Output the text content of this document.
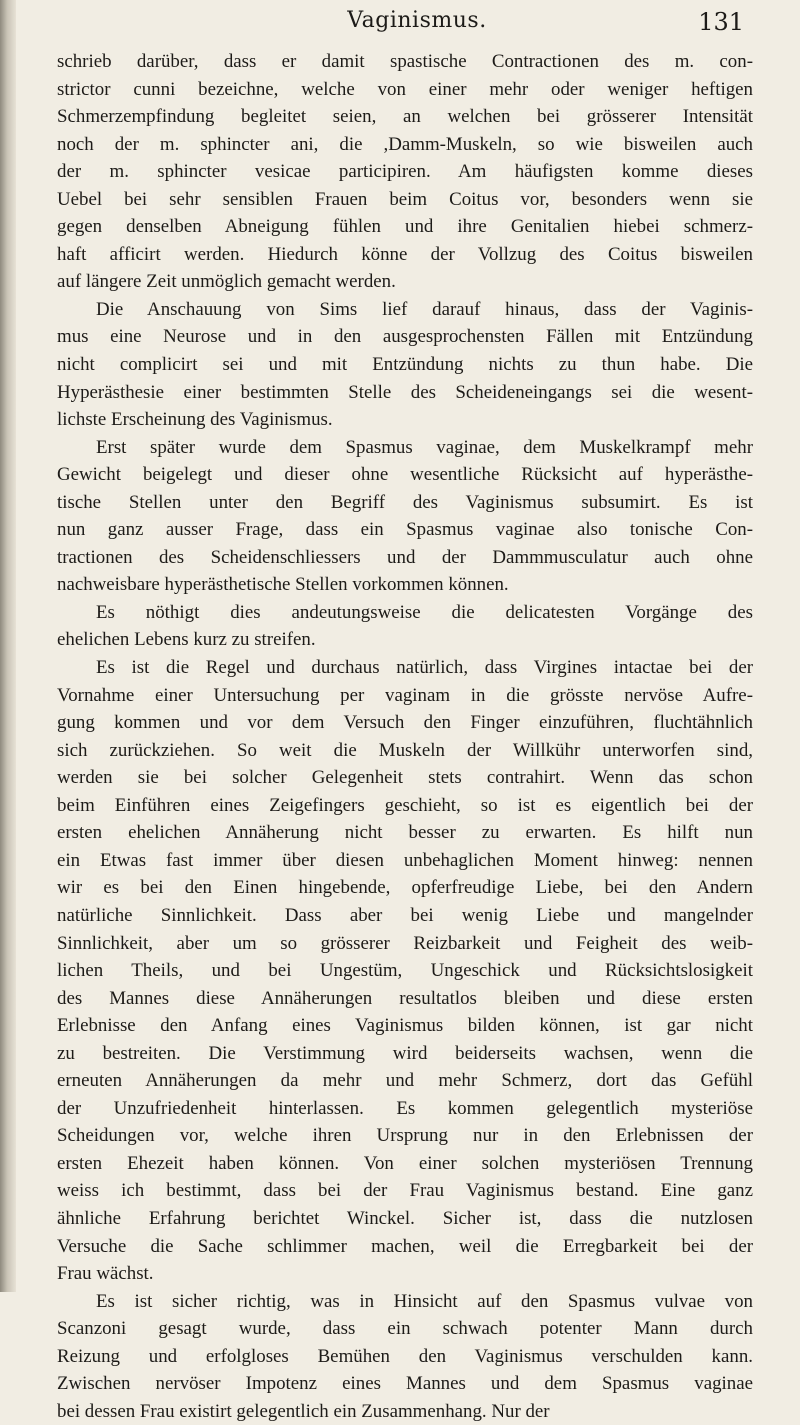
Vaginismus.	131
schrieb darüber, dass er damit spastische Contractionen des m. con-
strictor cunni bezeichne, welche von einer mehr oder weniger heftigen
Schmerzempfindung begleitet seien, an welchen bei grösserer Intensität
noch der m. sphincter ani, die ,Damm-Muskeln, so wie bisweilen auch
der m. sphincter vesicae participiren. Am häufigsten komme dieses
Uebel bei sehr sensiblen Frauen beim Coitus vor, besonders wenn sie
gegen denselben Abneigung fühlen und ihre Genitalien hiebei schmerz-
haft afficirt werden. Hiedurch könne der Vollzug des Coitus bisweilen
auf längere Zeit unmöglich gemacht werden.
Die Anschauung von Sims lief darauf hinaus, dass der Vaginis-
mus eine Neurose und in den ausgesprochensten Fällen mit Entzündung
nicht complicirt sei und mit Entzündung nichts zu thun habe. Die
Hyperästhesie einer bestimmten Stelle des Scheideneingangs sei die wesent-
lichste Erscheinung des Vaginismus.
Erst später wurde dem Spasmus vaginae, dem Muskelkrampf mehr
Gewicht beigelegt und dieser ohne wesentliche Rücksicht auf hyperästhe-
tische Stellen unter den Begriff des Vaginismus subsumirt. Es ist
nun ganz ausser Frage, dass ein Spasmus vaginae also tonische Con-
tractionen des Scheidenschliessers und der Dammmusculatur auch ohne
nachweisbare hyperästhetische Stellen vorkommen können.
Es nöthigt dies andeutungsweise die delicatesten Vorgänge des
ehelichen Lebens kurz zu streifen.
Es ist die Regel und durchaus natürlich, dass Virgines intactae bei der
Vornahme einer Untersuchung per vaginam in die grösste nervöse Aufre-
gung kommen und vor dem Versuch den Finger einzuführen, fluchtähnlich
sich zurückziehen. So weit die Muskeln der Willkühr unterworfen sind,
werden sie bei solcher Gelegenheit stets contrahirt. Wenn das schon
beim Einführen eines Zeigefingers geschieht, so ist es eigentlich bei der
ersten ehelichen Annäherung nicht besser zu erwarten. Es hilft nun
ein Etwas fast immer über diesen unbehaglichen Moment hinweg: nennen
wir es bei den Einen hingebende, opferfreudige Liebe, bei den Andern
natürliche Sinnlichkeit. Dass aber bei wenig Liebe und mangelnder
Sinnlichkeit, aber um so grösserer Reizbarkeit und Feigheit des weib-
lichen Theils, und bei Ungestüm, Ungeschick und Rücksichtslosigkeit
des Mannes diese Annäherungen resultatlos bleiben und diese ersten
Erlebnisse den Anfang eines Vaginismus bilden können, ist gar nicht
zu bestreiten. Die Verstimmung wird beiderseits wachsen, wenn die
erneuten Annäherungen da mehr und mehr Schmerz, dort das Gefühl
der Unzufriedenheit hinterlassen. Es kommen gelegentlich mysteriöse
Scheidungen vor, welche ihren Ursprung nur in den Erlebnissen der
ersten Ehezeit haben können. Von einer solchen mysteriösen Trennung
weiss ich bestimmt, dass bei der Frau Vaginismus bestand. Eine ganz
ähnliche Erfahrung berichtet Winckel. Sicher ist, dass die nutzlosen
Versuche die Sache schlimmer machen, weil die Erregbarkeit bei der
Frau wächst.
Es ist sicher richtig, was in Hinsicht auf den Spasmus vulvae von
Scanzoni gesagt wurde, dass ein schwach potenter Mann durch
Reizung und erfolgloses Bemühen den Vaginismus verschulden kann.
Zwischen nervöser Impotenz eines Mannes und dem Spasmus vaginae
bei dessen Frau existirt gelegentlich ein Zusammenhang. Nur der
